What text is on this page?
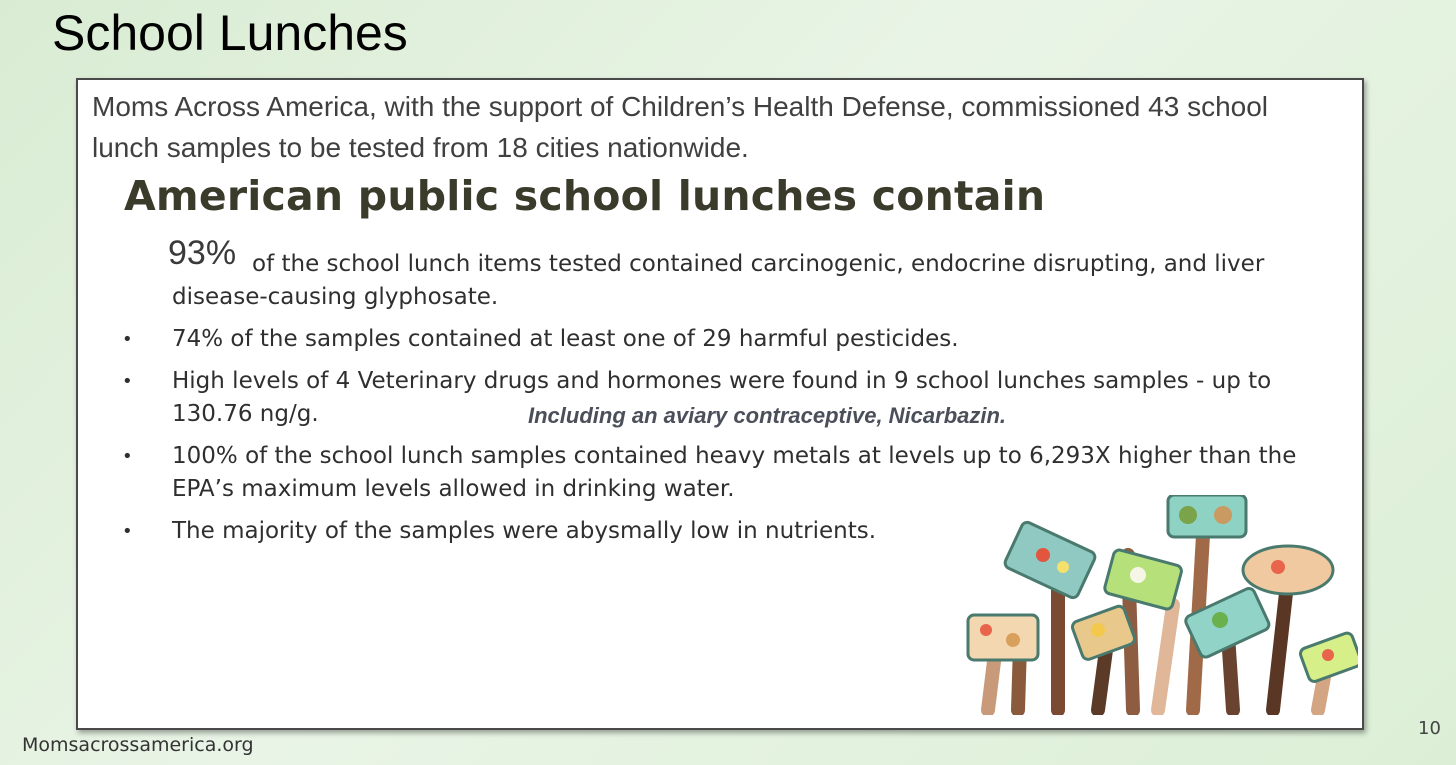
School Lunches
Moms Across America, with the support of Children’s Health Defense, commissioned 43 school lunch samples to be tested from 18 cities nationwide.
American public school lunches contain
93% of the school lunch items tested contained carcinogenic, endocrine disrupting, and liver disease-causing glyphosate.
• 74% of the samples contained at least one of 29 harmful pesticides.
• High levels of 4 Veterinary drugs and hormones were found in 9 school lunches samples - up to 130.76 ng/g.
• 100% of the school lunch samples contained heavy metals at levels up to 6,293X higher than the EPA’s maximum levels allowed in drinking water.
• The majority of the samples were abysmally low in nutrients.
Including an aviary contraceptive, Nicarbazin.
Momsacrossamerica.org
10
